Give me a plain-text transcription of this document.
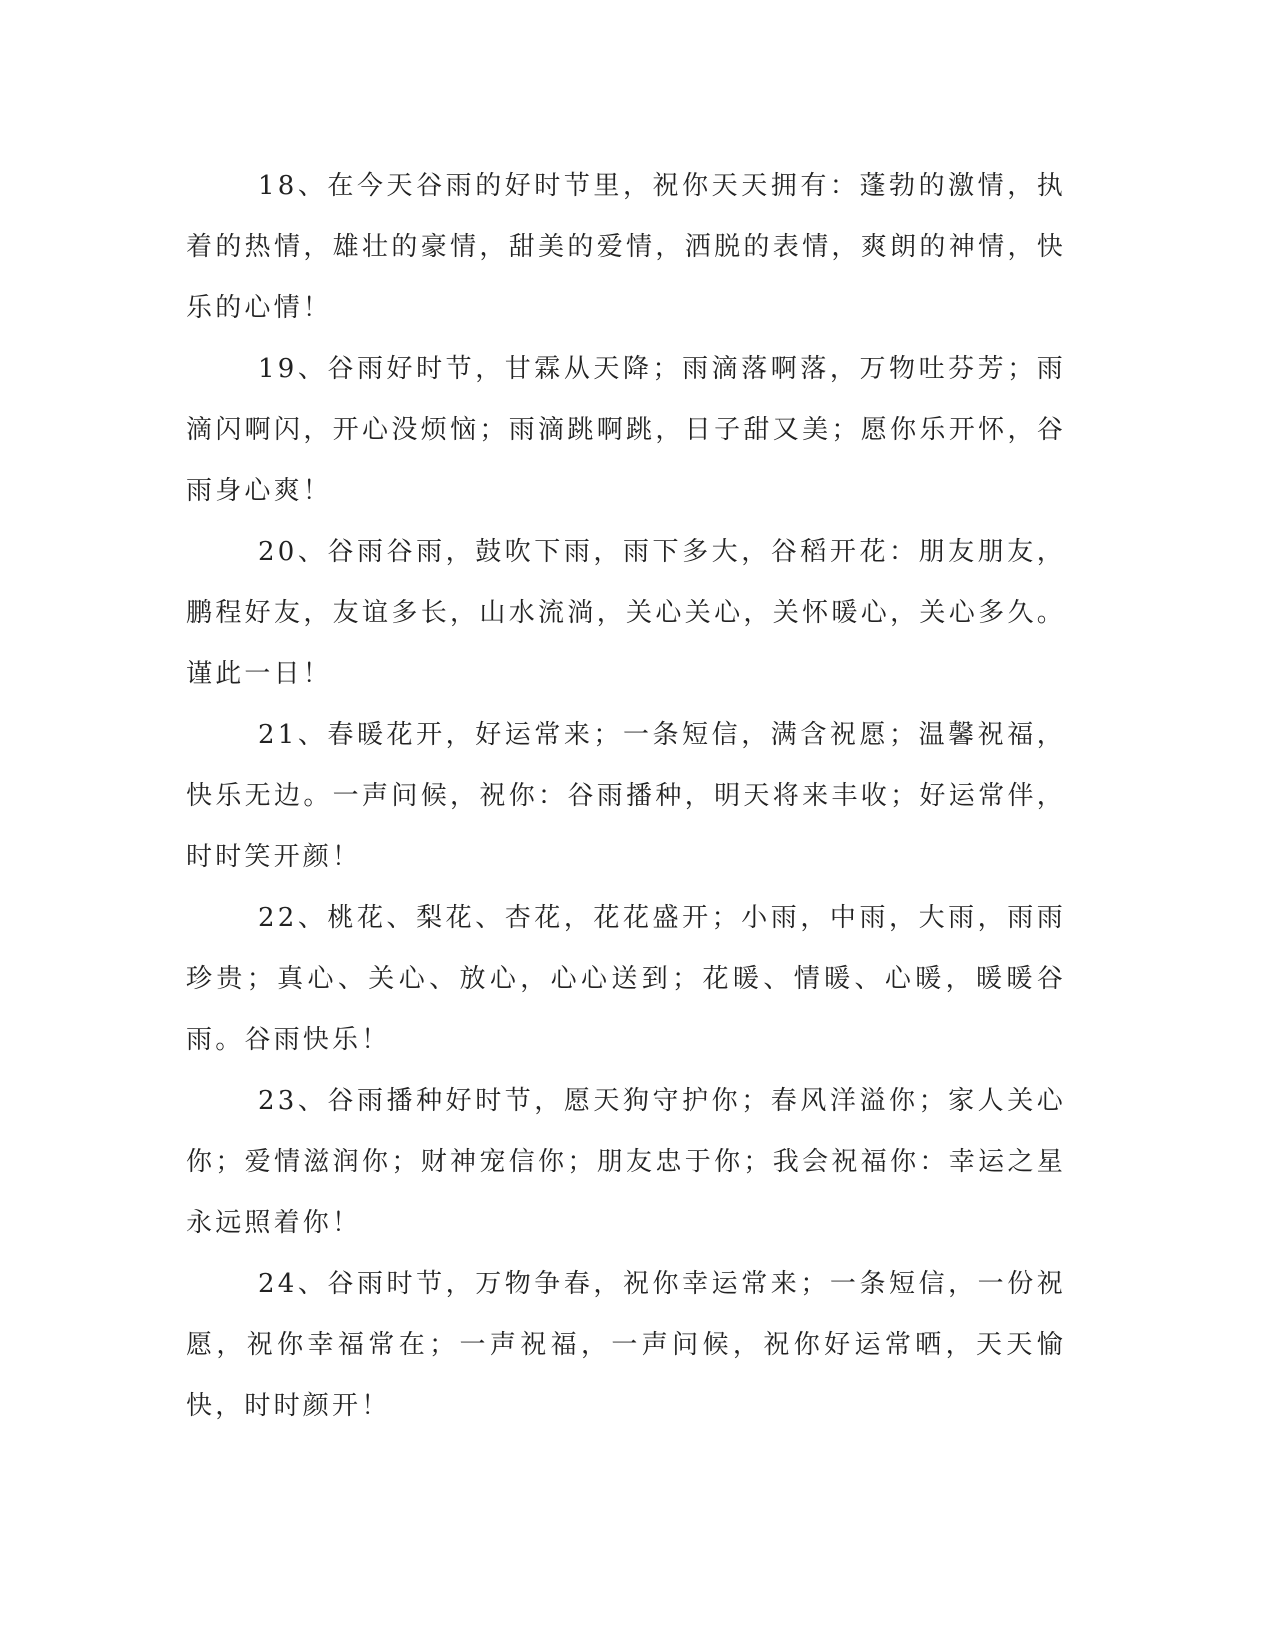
18、在今天谷雨的好时节里，祝你天天拥有：蓬勃的激情，执着的热情，雄壮的豪情，甜美的爱情，洒脱的表情，爽朗的神情，快乐的心情！

19、谷雨好时节，甘霖从天降；雨滴落啊落，万物吐芬芳；雨滴闪啊闪，开心没烦恼；雨滴跳啊跳，日子甜又美；愿你乐开怀，谷雨身心爽！

20、谷雨谷雨，鼓吹下雨，雨下多大，谷稻开花：朋友朋友，鹏程好友，友谊多长，山水流淌，关心关心，关怀暖心，关心多久。谨此一日！

21、春暖花开，好运常来；一条短信，满含祝愿；温馨祝福，快乐无边。一声问候，祝你：谷雨播种，明天将来丰收；好运常伴，时时笑开颜！

22、桃花、梨花、杏花，花花盛开；小雨，中雨，大雨，雨雨珍贵；真心、关心、放心，心心送到；花暖、情暖、心暖，暖暖谷雨。谷雨快乐！

23、谷雨播种好时节，愿天狗守护你；春风洋溢你；家人关心你；爱情滋润你；财神宠信你；朋友忠于你；我会祝福你：幸运之星永远照着你！

24、谷雨时节，万物争春，祝你幸运常来；一条短信，一份祝愿，祝你幸福常在；一声祝福，一声问候，祝你好运常晒，天天愉快，时时颜开！
